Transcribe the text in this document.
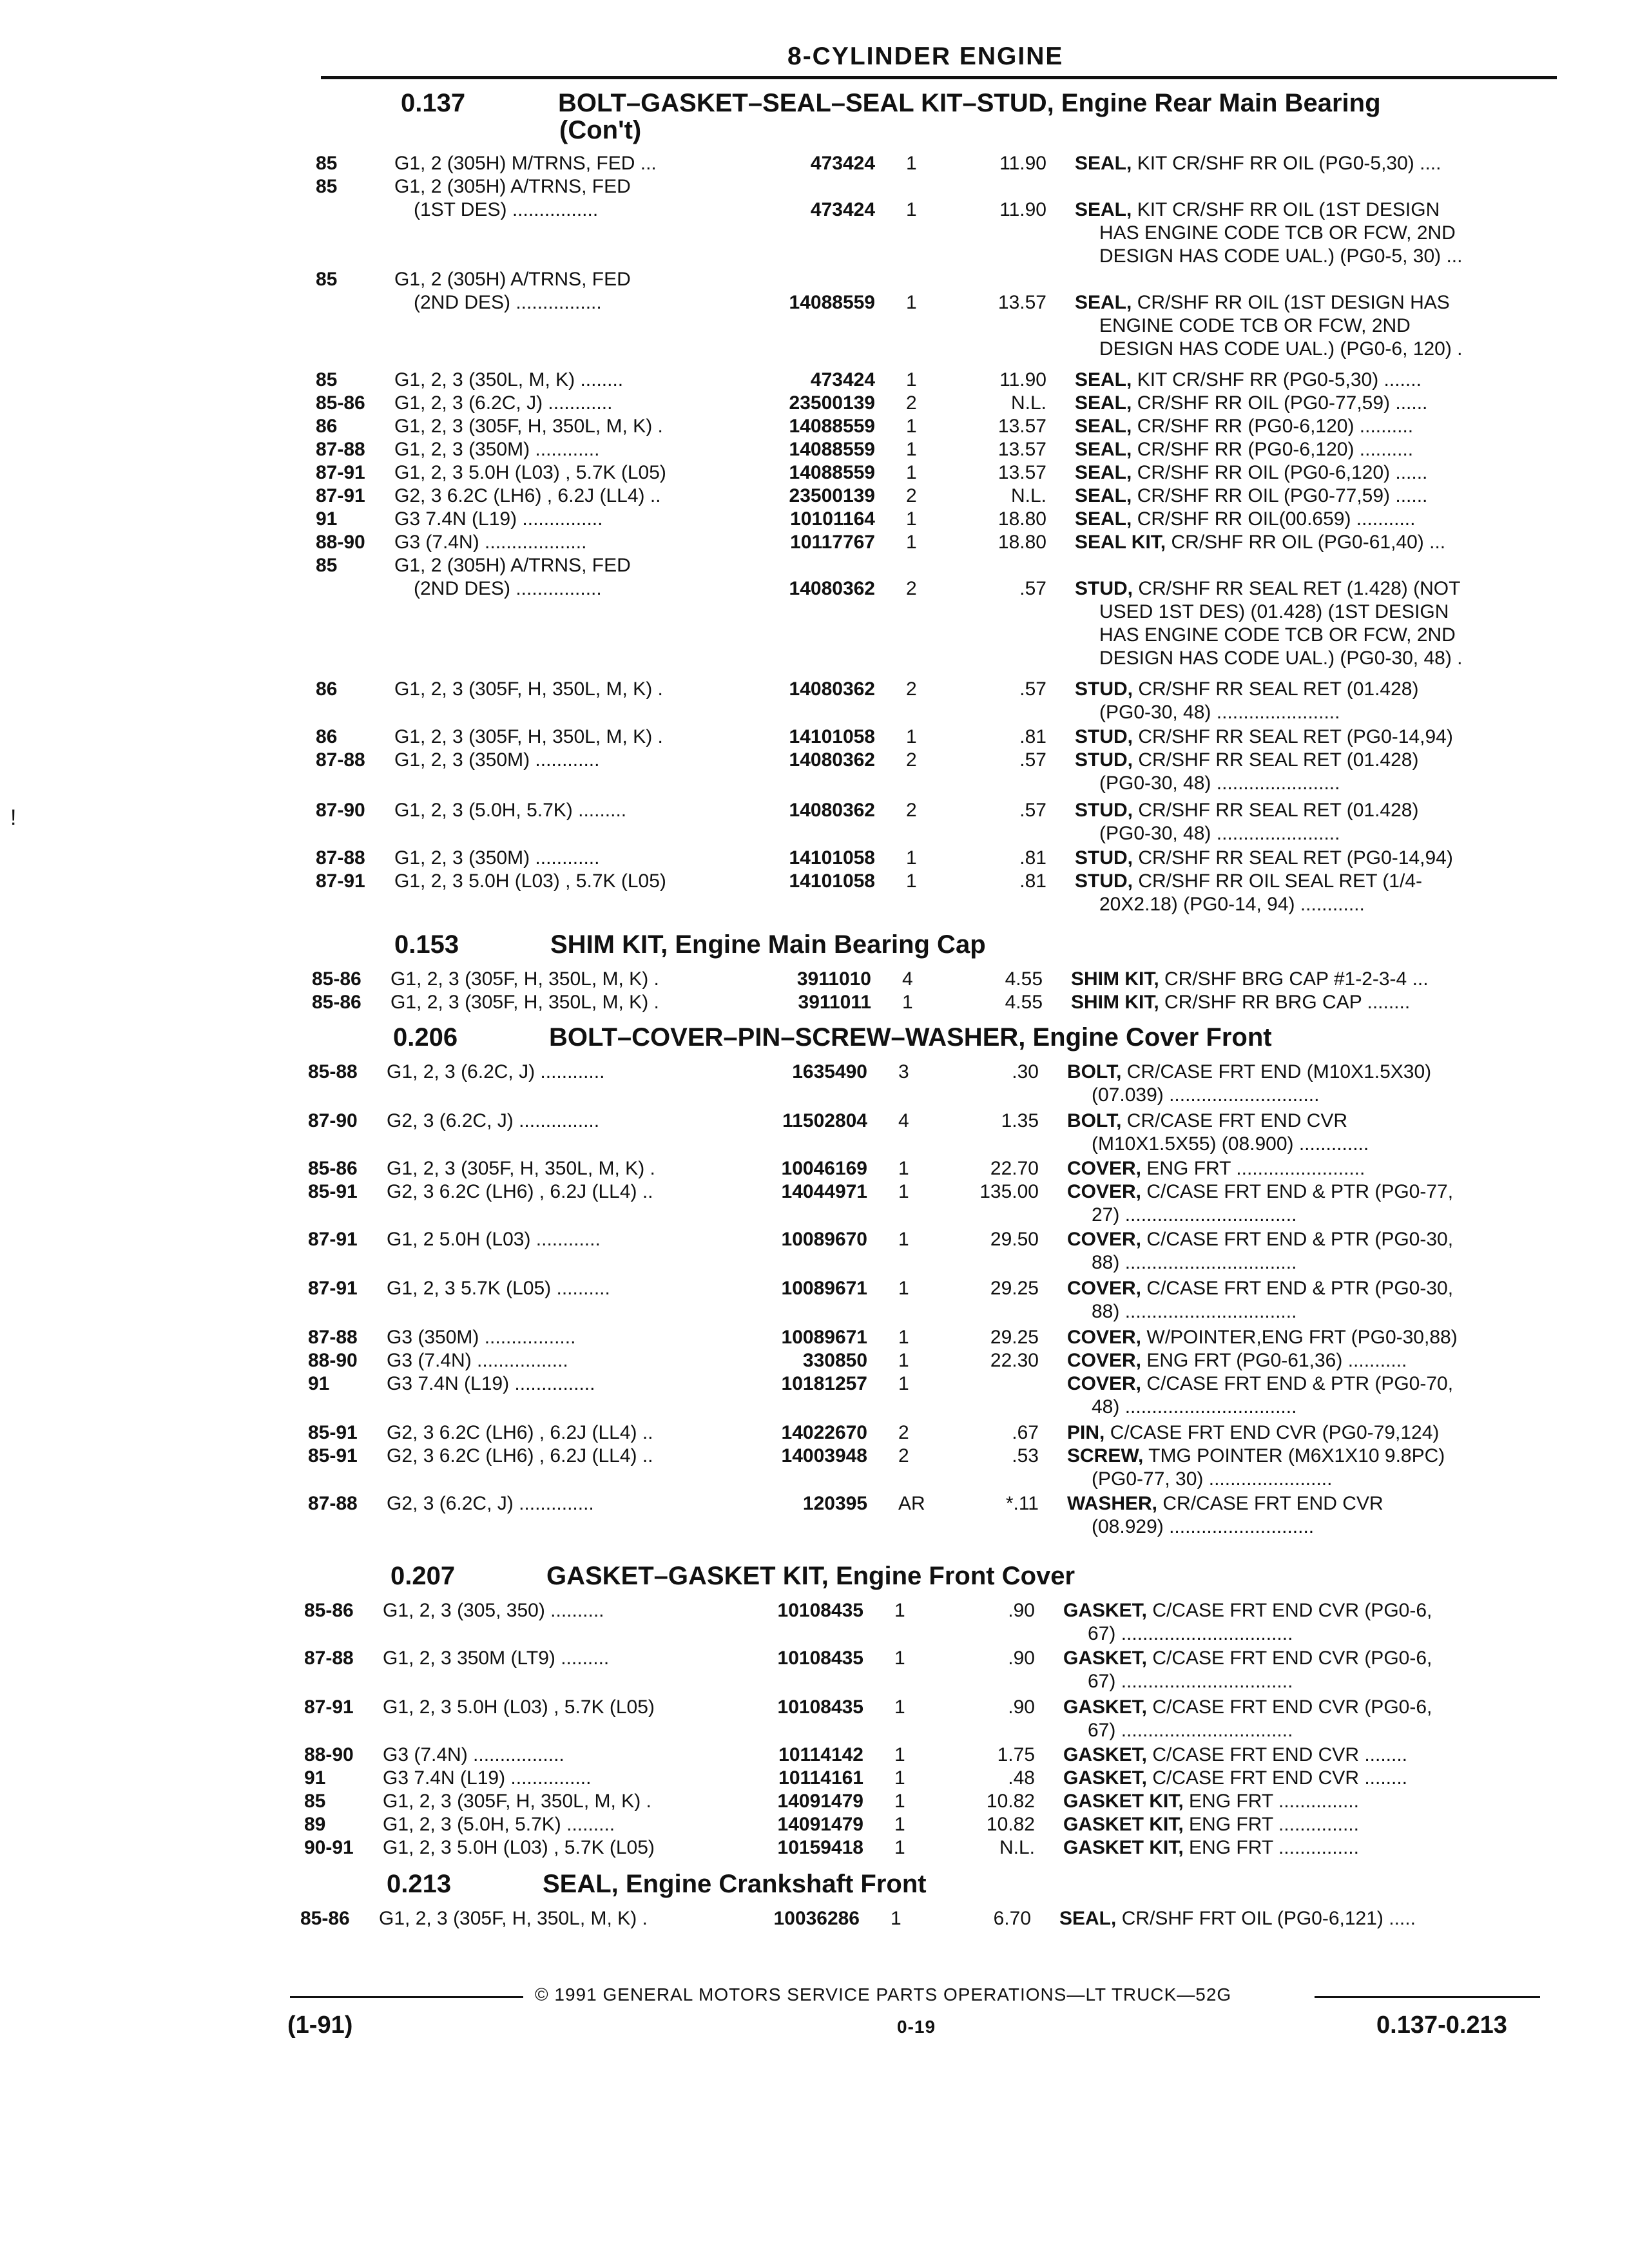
8-CYLINDER ENGINE
!
0.137	BOLT–GASKET–SEAL–SEAL KIT–STUD, Engine Rear Main Bearing
(Con't)
85	G1, 2 (305H) M/TRNS, FED ...	473424 1	11.90 SEAL, KIT CR/SHF RR OIL (PG0-5,30) ....
85	G1, 2 (305H) A/TRNS, FED
(1ST DES) ................	473424 1	11.90 SEAL, KIT CR/SHF RR OIL (1ST DESIGN
HAS ENGINE CODE TCB OR FCW, 2ND
DESIGN HAS CODE UAL.) (PG0-5, 30) ...
85	G1, 2 (305H) A/TRNS, FED
(2ND DES) ................	14088559 1	13.57 SEAL, CR/SHF RR OIL (1ST DESIGN HAS
ENGINE CODE TCB OR FCW, 2ND
DESIGN HAS CODE UAL.) (PG0-6, 120) .
85	G1, 2, 3 (350L, M, K) ........	473424 1	11.90 SEAL, KIT CR/SHF RR (PG0-5,30) .......
85-86 G1, 2, 3 (6.2C, J) ............	23500139 2	N.L. SEAL, CR/SHF RR OIL (PG0-77,59) ......
86	G1, 2, 3 (305F, H, 350L, M, K) .	14088559 1	13.57 SEAL, CR/SHF RR (PG0-6,120) ..........
87-88 G1, 2, 3 (350M) ............	14088559 1	13.57 SEAL, CR/SHF RR (PG0-6,120) ..........
87-91 G1, 2, 3 5.0H (L03) , 5.7K (L05)	14088559 1	13.57 SEAL, CR/SHF RR OIL (PG0-6,120) ......
87-91 G2, 3 6.2C (LH6) , 6.2J (LL4) ..	23500139 2	N.L. SEAL, CR/SHF RR OIL (PG0-77,59) ......
91	G3 7.4N (L19) ...............	10101164 1	18.80 SEAL, CR/SHF RR OIL(00.659) ...........
88-90 G3 (7.4N) ...................	10117767 1	18.80 SEAL KIT, CR/SHF RR OIL (PG0-61,40) ...
85	G1, 2 (305H) A/TRNS, FED
(2ND DES) ................	14080362 2	.57 STUD, CR/SHF RR SEAL RET (1.428) (NOT
USED 1ST DES) (01.428) (1ST DESIGN
HAS ENGINE CODE TCB OR FCW, 2ND
DESIGN HAS CODE UAL.) (PG0-30, 48) .
86	G1, 2, 3 (305F, H, 350L, M, K) .	14080362 2	.57 STUD, CR/SHF RR SEAL RET (01.428)
(PG0-30, 48) .......................
86	G1, 2, 3 (305F, H, 350L, M, K) .	14101058 1	.81 STUD, CR/SHF RR SEAL RET (PG0-14,94)
87-88 G1, 2, 3 (350M) ............	14080362 2	.57 STUD, CR/SHF RR SEAL RET (01.428)
(PG0-30, 48) .......................
87-90 G1, 2, 3 (5.0H, 5.7K) .........	14080362 2	.57 STUD, CR/SHF RR SEAL RET (01.428)
(PG0-30, 48) .......................
87-88 G1, 2, 3 (350M) ............	14101058 1	.81 STUD, CR/SHF RR SEAL RET (PG0-14,94)
87-91 G1, 2, 3 5.0H (L03) , 5.7K (L05)	14101058 1	.81 STUD, CR/SHF RR OIL SEAL RET (1/4-
20X2.18) (PG0-14, 94) ............
0.153	SHIM KIT, Engine Main Bearing Cap
85-86 G1, 2, 3 (305F, H, 350L, M, K) .	3911010 4	4.55 SHIM KIT, CR/SHF BRG CAP #1-2-3-4 ...
85-86 G1, 2, 3 (305F, H, 350L, M, K) .	3911011 1	4.55 SHIM KIT, CR/SHF RR BRG CAP ........
0.206	BOLT–COVER–PIN–SCREW–WASHER, Engine Cover Front
85-88 G1, 2, 3 (6.2C, J) ............	1635490 3	.30 BOLT, CR/CASE FRT END (M10X1.5X30)
(07.039) ............................
87-90 G2, 3 (6.2C, J) ...............	11502804 4	1.35 BOLT, CR/CASE FRT END CVR
(M10X1.5X55) (08.900) .............
85-86 G1, 2, 3 (305F, H, 350L, M, K) .	10046169 1	22.70 COVER, ENG FRT ........................
85-91 G2, 3 6.2C (LH6) , 6.2J (LL4) ..	14044971 1	135.00 COVER, C/CASE FRT END & PTR (PG0-77,
27) ................................
87-91 G1, 2 5.0H (L03) ............	10089670 1	29.50 COVER, C/CASE FRT END & PTR (PG0-30,
88) ................................
87-91 G1, 2, 3 5.7K (L05) ..........	10089671 1	29.25 COVER, C/CASE FRT END & PTR (PG0-30,
88) ................................
87-88 G3 (350M) .................	10089671 1	29.25 COVER, W/POINTER,ENG FRT (PG0-30,88)
88-90 G3 (7.4N) .................	330850 1	22.30 COVER, ENG FRT (PG0-61,36) ...........
91	G3 7.4N (L19) ...............	10181257 1	COVER, C/CASE FRT END & PTR (PG0-70,
48) ................................
85-91 G2, 3 6.2C (LH6) , 6.2J (LL4) ..	14022670 2	.67 PIN, C/CASE FRT END CVR (PG0-79,124)
85-91 G2, 3 6.2C (LH6) , 6.2J (LL4) ..	14003948 2	.53 SCREW, TMG POINTER (M6X1X10 9.8PC)
(PG0-77, 30) .......................
87-88 G2, 3 (6.2C, J) ..............	120395 AR	*.11 WASHER, CR/CASE FRT END CVR
(08.929) ...........................
0.207	GASKET–GASKET KIT, Engine Front Cover
85-86 G1, 2, 3 (305, 350) ..........	10108435 1	.90 GASKET, C/CASE FRT END CVR (PG0-6,
67) ................................
87-88 G1, 2, 3 350M (LT9) .........	10108435 1	.90 GASKET, C/CASE FRT END CVR (PG0-6,
67) ................................
87-91 G1, 2, 3 5.0H (L03) , 5.7K (L05)	10108435 1	.90 GASKET, C/CASE FRT END CVR (PG0-6,
67) ................................
88-90 G3 (7.4N) .................	10114142 1	1.75 GASKET, C/CASE FRT END CVR ........
91	G3 7.4N (L19) ...............	10114161 1	.48 GASKET, C/CASE FRT END CVR ........
85	G1, 2, 3 (305F, H, 350L, M, K) .	14091479 1	10.82 GASKET KIT, ENG FRT ...............
89	G1, 2, 3 (5.0H, 5.7K) .........	14091479 1	10.82 GASKET KIT, ENG FRT ...............
90-91 G1, 2, 3 5.0H (L03) , 5.7K (L05)	10159418 1	N.L. GASKET KIT, ENG FRT ...............
0.213	SEAL, Engine Crankshaft Front
85-86 G1, 2, 3 (305F, H, 350L, M, K) .	10036286 1	6.70 SEAL, CR/SHF FRT OIL (PG0-6,121) .....
© 1991 GENERAL MOTORS SERVICE PARTS OPERATIONS—LT TRUCK—52G
(1-91)	0-19	0.137-0.213
